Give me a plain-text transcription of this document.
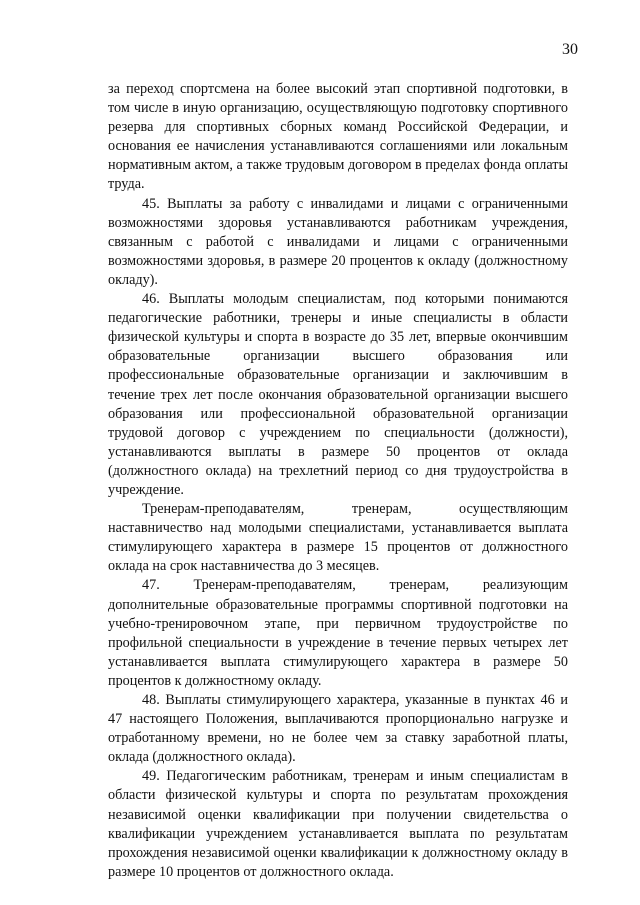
30

за переход спортсмена на более высокий этап спортивной подготовки, в том числе в иную организацию, осуществляющую подготовку спортивного резерва для спортивных сборных команд Российской Федерации, и основания ее начисления устанавливаются соглашениями или локальным нормативным актом, а также трудовым договором в пределах фонда оплаты труда.

45. Выплаты за работу с инвалидами и лицами с ограниченными возможностями здоровья устанавливаются работникам учреждения, связанным с работой с инвалидами и лицами с ограниченными возможностями здоровья, в размере 20 процентов к окладу (должностному окладу).

46. Выплаты молодым специалистам, под которыми понимаются педагогические работники, тренеры и иные специалисты в области физической культуры и спорта в возрасте до 35 лет, впервые окончившим образовательные организации высшего образования или профессиональные образовательные организации и заключившим в течение трех лет после окончания образовательной организации высшего образования или профессиональной образовательной организации трудовой договор с учреждением по специальности (должности), устанавливаются выплаты в размере 50 процентов от оклада (должностного оклада) на трехлетний период со дня трудоустройства в учреждение.

Тренерам-преподавателям, тренерам, осуществляющим наставничество над молодыми специалистами, устанавливается выплата стимулирующего характера в размере 15 процентов от должностного оклада на срок наставничества до 3 месяцев.

47. Тренерам-преподавателям, тренерам, реализующим дополнительные образовательные программы спортивной подготовки на учебно-тренировочном этапе, при первичном трудоустройстве по профильной специальности в учреждение в течение первых четырех лет устанавливается выплата стимулирующего характера в размере 50 процентов к должностному окладу.

48. Выплаты стимулирующего характера, указанные в пунктах 46 и 47 настоящего Положения, выплачиваются пропорционально нагрузке и отработанному времени, но не более чем за ставку заработной платы, оклада (должностного оклада).

49. Педагогическим работникам, тренерам и иным специалистам в области физической культуры и спорта по результатам прохождения независимой оценки квалификации при получении свидетельства о квалификации учреждением устанавливается выплата по результатам прохождения независимой оценки квалификации к должностному окладу в размере 10 процентов от должностного оклада.
